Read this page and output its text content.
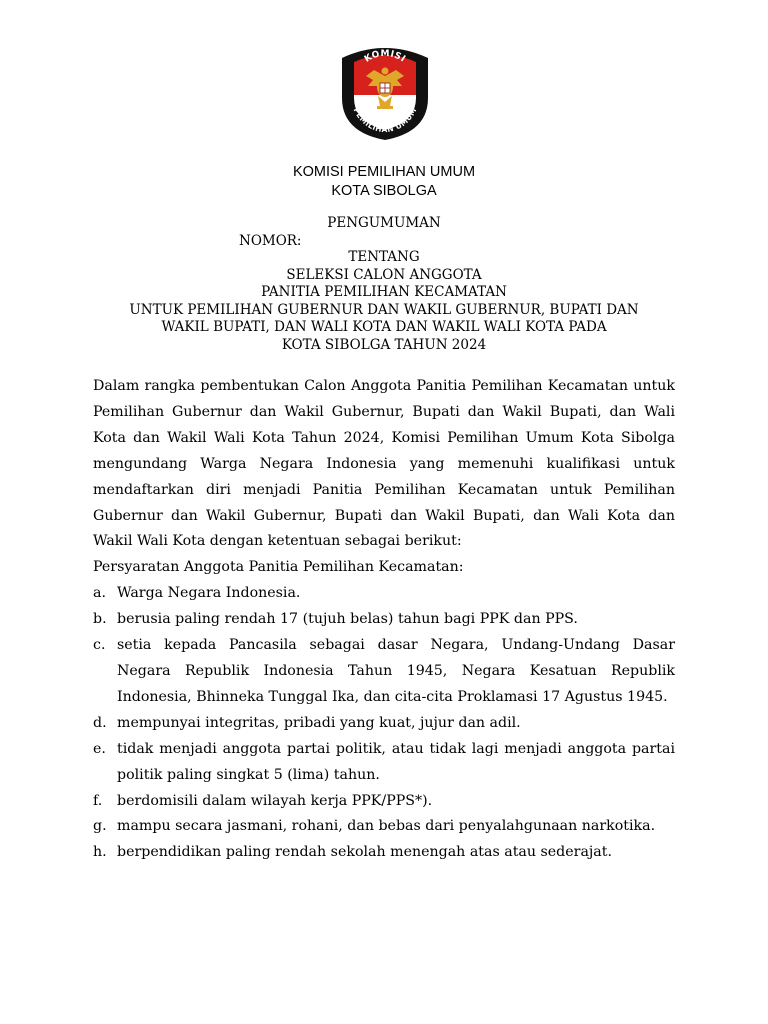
KOMISI
PEMILIHAN UMUM
KOMISI PEMILIHAN UMUM
KOTA SIBOLGA
PENGUMUMAN
NOMOR:
TENTANG
SELEKSI CALON ANGGOTA
PANITIA PEMILIHAN KECAMATAN
UNTUK PEMILIHAN GUBERNUR DAN WAKIL GUBERNUR, BUPATI DAN
WAKIL BUPATI, DAN WALI KOTA DAN WAKIL WALI KOTA PADA
KOTA SIBOLGA TAHUN 2024

Dalam rangka pembentukan Calon Anggota Panitia Pemilihan Kecamatan untuk Pemilihan Gubernur dan Wakil Gubernur, Bupati dan Wakil Bupati, dan Wali Kota dan Wakil Wali Kota Tahun 2024, Komisi Pemilihan Umum Kota Sibolga mengundang Warga Negara Indonesia yang memenuhi kualifikasi untuk mendaftarkan diri menjadi Panitia Pemilihan Kecamatan untuk Pemilihan Gubernur dan Wakil Gubernur, Bupati dan Wakil Bupati, dan Wali Kota dan Wakil Wali Kota dengan ketentuan sebagai berikut:

Persyaratan Anggota Panitia Pemilihan Kecamatan:

a. Warga Negara Indonesia.
b. berusia paling rendah 17 (tujuh belas) tahun bagi PPK dan PPS.
c. setia kepada Pancasila sebagai dasar Negara, Undang-Undang Dasar Negara Republik Indonesia Tahun 1945, Negara Kesatuan Republik Indonesia, Bhinneka Tunggal Ika, dan cita-cita Proklamasi 17 Agustus 1945.
d. mempunyai integritas, pribadi yang kuat, jujur dan adil.
e. tidak menjadi anggota partai politik, atau tidak lagi menjadi anggota partai politik paling singkat 5 (lima) tahun.
f. berdomisili dalam wilayah kerja PPK/PPS*).
g. mampu secara jasmani, rohani, dan bebas dari penyalahgunaan narkotika.
h. berpendidikan paling rendah sekolah menengah atas atau sederajat.
